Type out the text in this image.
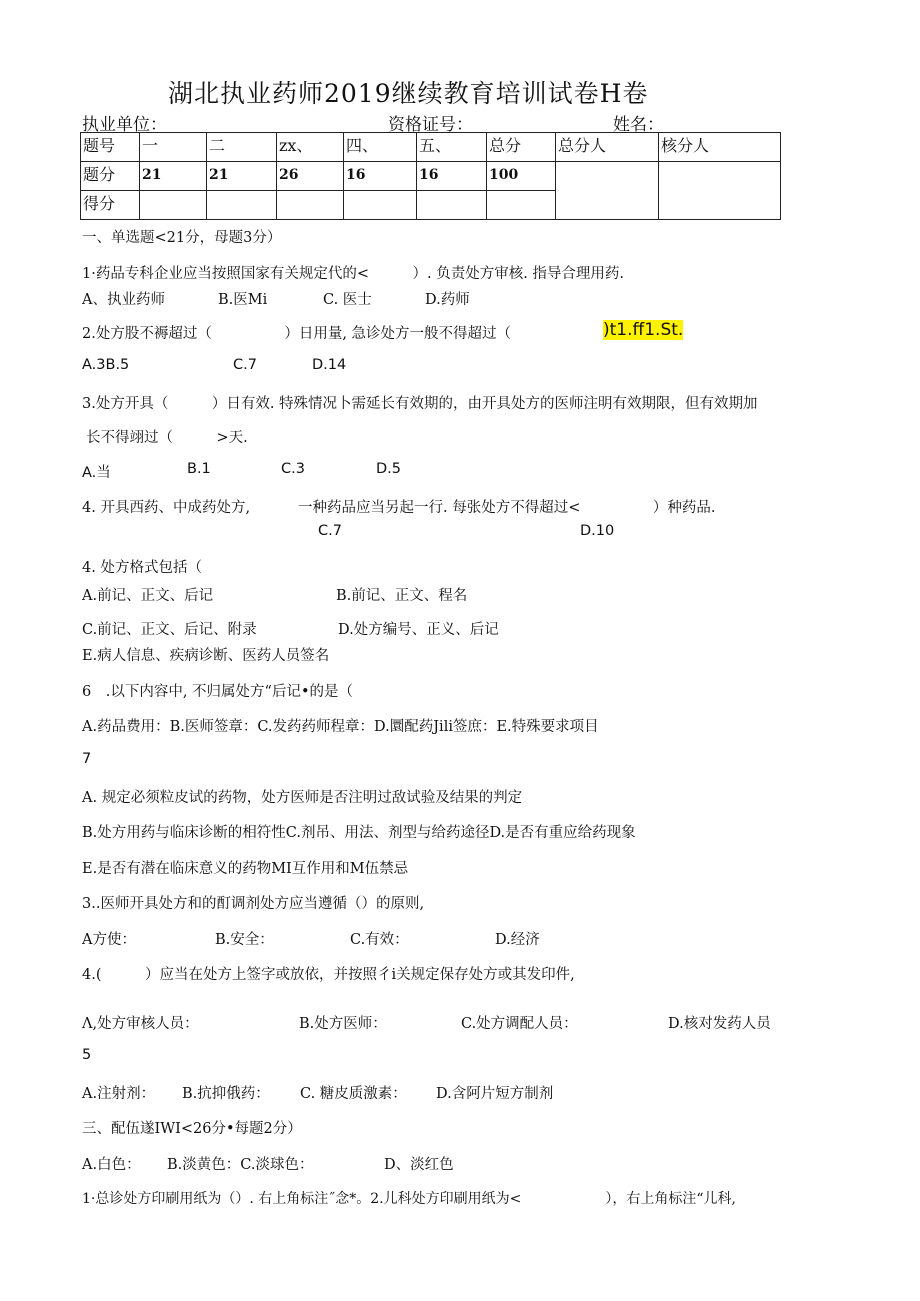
湖北执业药师2019继续教育培训试卷H卷
执业单位：	资格证号：	姓名：
题号	一	二	zx、	四、	五、	总分	总分人	核分人
题分	21	21	26	16	16	100		
得分								
一、单选题<21分，母题3分）
1·药品专科企业应当按照国家有关规定代的<　　　）. 负责处方审核. 指导合理用药.
A、执业药师	B.医Mi	C. 医士	D.药师
2.处方股不褥超过（　　　　　）日用量, 急诊处方一般不得超过（	)t1.ff1.St.
A.3B.5	C.7	D.14
3.处方开具（　　　）日有效. 特殊情况卜需延长有效期的，由开具处方的医师注明有效期限，但有效期加
长不得翊过（　　　>天.
A.当	B.1	C.3	D.5
4. 开具西药、中成药处方,	一种药品应当另起一行. 每张处方不得超过<　　　　　）种药品.
C.7	D.10
4. 处方格式包括（
A.前记、正文、后记	B.前记、正文、程名
C.前记、正文、后记、附录	D.处方编号、正义、后记
E.病人信息、疾病诊断、医药人员签名
6　.以下内容中, 不归属处方“后记•的是（
A.药品费用：B.医师签章：C.发药药师程章：D.圜配药Jili签庶：E.特殊要求项目
7
A. 规定必须粒皮试的药物，处方医师是否注明过敌试验及结果的判定
B.处方用药与临床诊断的相符性C.剂吊、用法、剂型与给药途径D.是否有重应给药现象
E.是否有潜在临床意义的药物MI互作用和M伍禁忌
3..医师开具处方和的酊调剂处方应当遵循（）的原则,
A方使：	B.安全：	C.有效：	D.经济
4.(　　　）应当在处方上签字或放依，并按照彳i关规定保存处方或其发印件,
Λ,处方审核人员：	B.处方医师：	C.处方调配人员：	D.核对发药人员
5
A.注射剂： B.抗抑俄药： C. 糖皮质激素： D.含阿片短方制剂
三、配伍遂IWI<26分•每题2分）
A.白色： B.淡黄色：C.淡球色：	D、淡红色
1·总诊处方印刷用纸为（）. 右上角标注˝念*。2.儿科处方印刷用纸为<　　　　　　），右上角标注“儿科,
